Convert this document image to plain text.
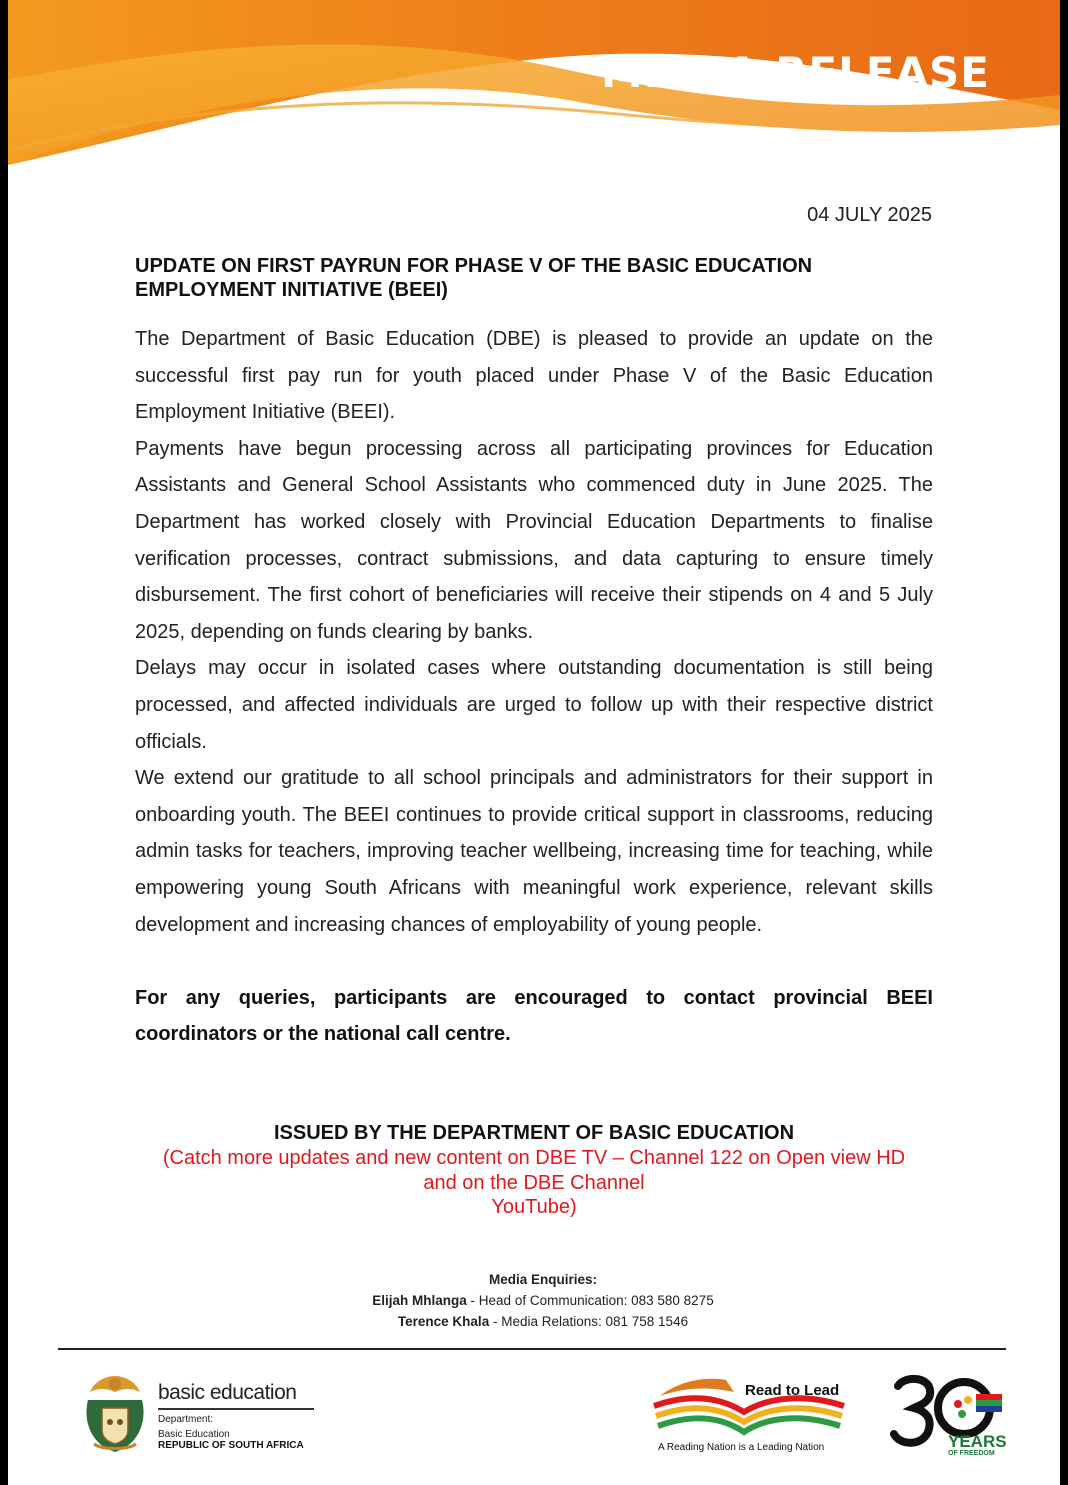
MEDIA RELEASE
04 JULY 2025
UPDATE ON FIRST PAYRUN FOR PHASE V OF THE BASIC EDUCATION EMPLOYMENT INITIATIVE (BEEI)

The Department of Basic Education (DBE) is pleased to provide an update on the successful first pay run for youth placed under Phase V of the Basic Education Employment Initiative (BEEI).

Payments have begun processing across all participating provinces for Education Assistants and General School Assistants who commenced duty in June 2025. The Department has worked closely with Provincial Education Departments to finalise verification processes, contract submissions, and data capturing to ensure timely disbursement. The first cohort of beneficiaries will receive their stipends on 4 and 5 July 2025, depending on funds clearing by banks.

Delays may occur in isolated cases where outstanding documentation is still being processed, and affected individuals are urged to follow up with their respective district officials.

We extend our gratitude to all school principals and administrators for their support in onboarding youth. The BEEI continues to provide critical support in classrooms, reducing admin tasks for teachers, improving teacher wellbeing, increasing time for teaching, while empowering young South Africans with meaningful work experience, relevant skills development and increasing chances of employability of young people.

For any queries, participants are encouraged to contact provincial BEEI coordinators or the national call centre.
ISSUED BY THE DEPARTMENT OF BASIC EDUCATION
(Catch more updates and new content on DBE TV – Channel 122 on Open view HD
and on the DBE Channel
YouTube)
Media Enquiries:
Elijah Mhlanga - Head of Communication: 083 580 8275
Terence Khala - Media Relations: 081 758 1546
basic education
Department:
Basic Education
REPUBLIC OF SOUTH AFRICA
Read to Lead
A Reading Nation is a Leading Nation	YEARS
OF FREEDOM
